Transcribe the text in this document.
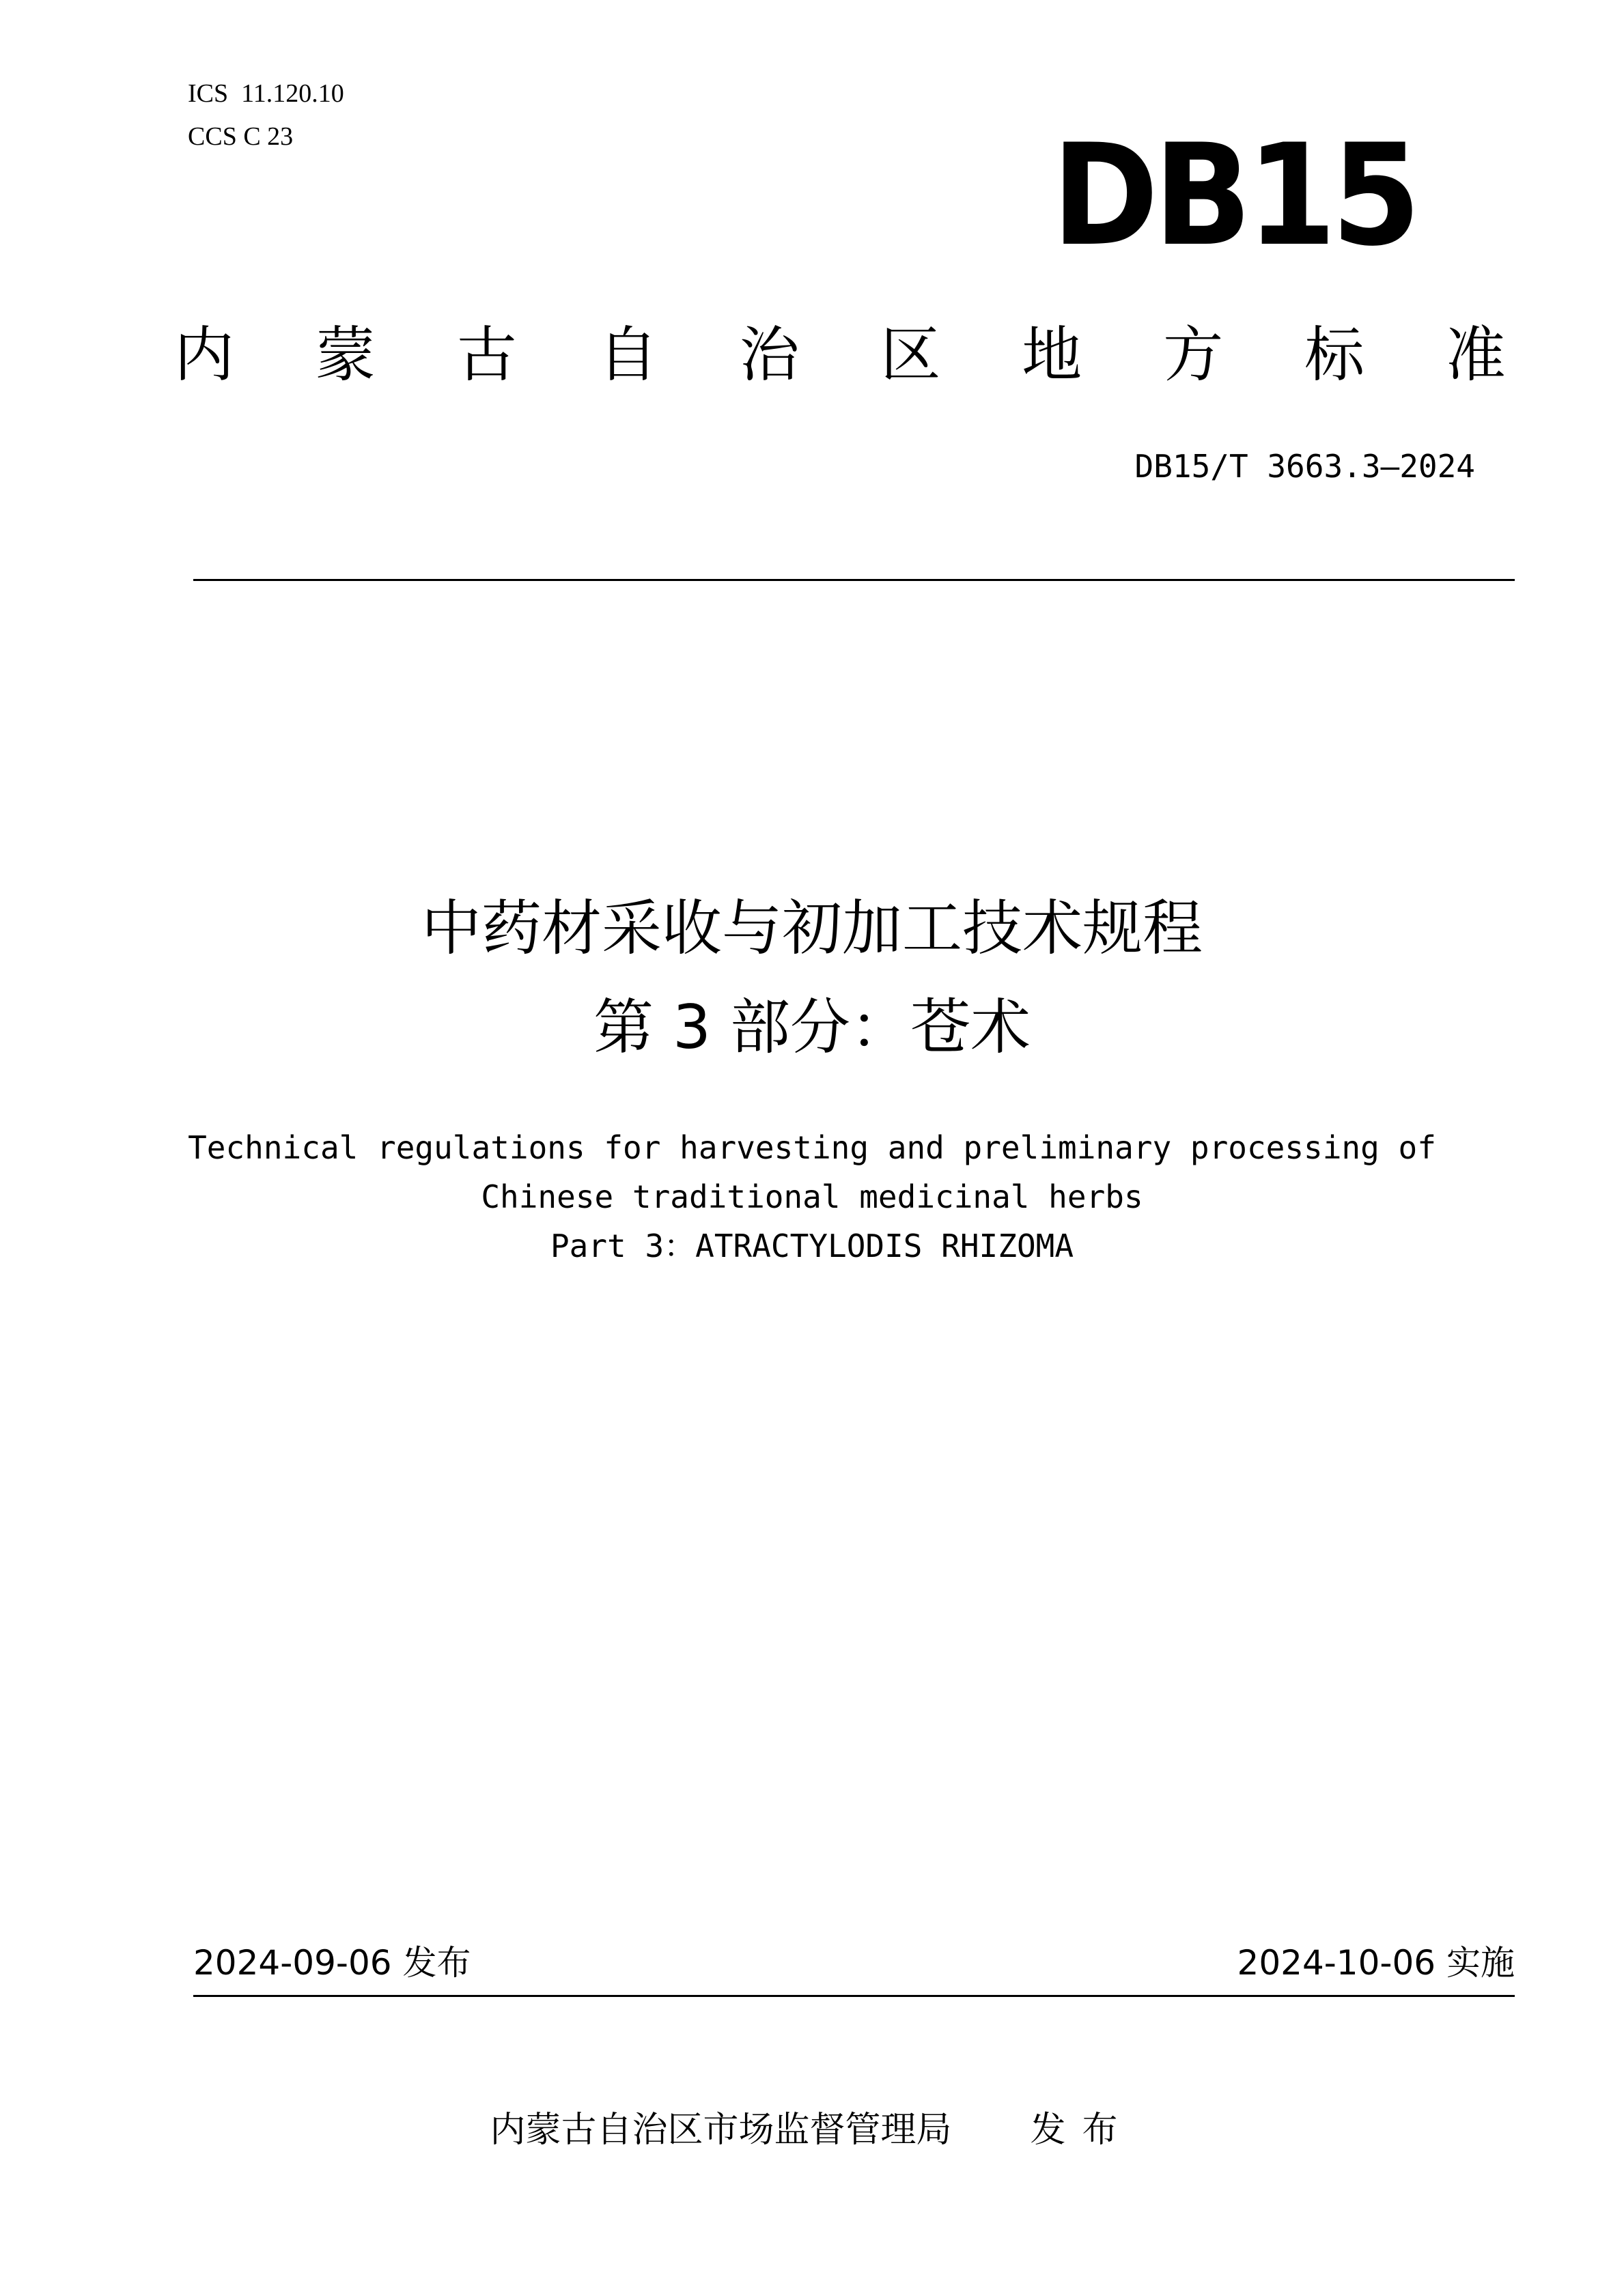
ICS  11.120.10
CCS C 23	DB15
内 蒙 古 自 治 区 地 方 标 准
DB15/T 3663.3—2024
中药材采收与初加工技术规程
第 3 部分：苍术
Technical regulations for harvesting and preliminary processing of
Chinese traditional medicinal herbs
Part 3：ATRACTYLODIS RHIZOMA
2024-09-06 发布	2024-10-06 实施
内蒙古自治区市场监督管理局 发布
